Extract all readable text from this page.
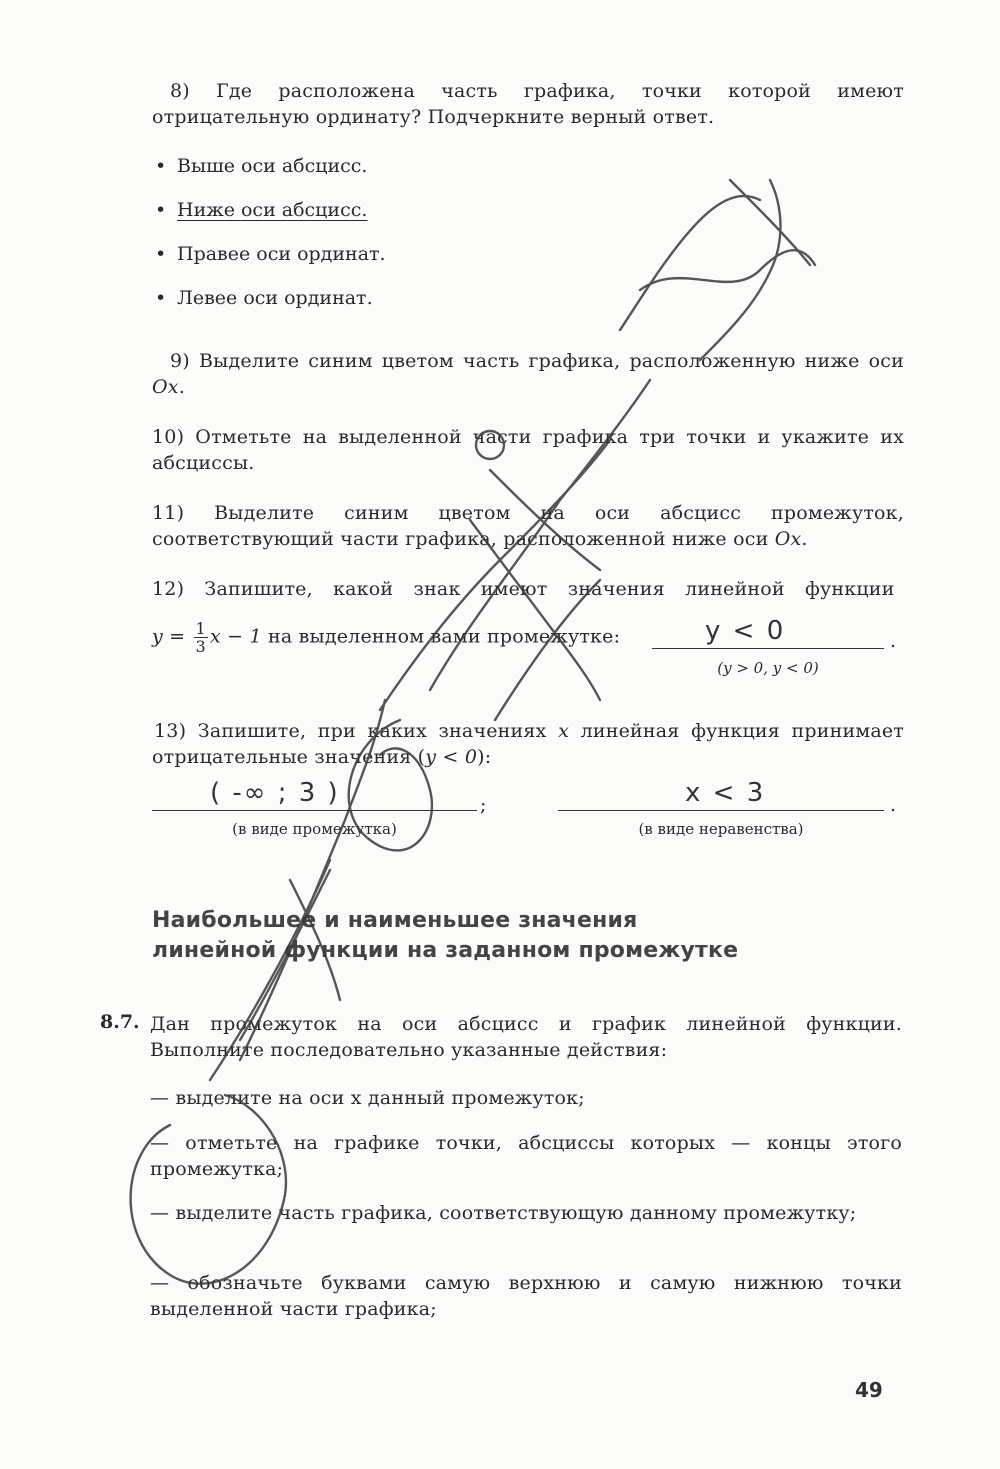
8) Где расположена часть графика, точки которой имеют отрицательную ординату? Подчеркните верный ответ.
• Выше оси абсцисс.
• Ниже оси абсцисс.
• Правее оси ординат.
• Левее оси ординат.
9) Выделите синим цветом часть графика, расположенную ниже оси Ox.
10) Отметьте на выделенной части графика три точки и укажите их абсциссы.
11) Выделите синим цветом на оси абсцисс промежуток, соответствующий части графика, расположенной ниже оси Ox.
12) Запишите, какой знак имеют значения линейной функции
$y = \frac{1}{3}$ x − 1 на выделенном вами промежутке:	y < 0	.
(y > 0, y < 0)
13) Запишите, при каких значениях x линейная функция принимает отрицательные значения (y < 0):
( -∞ ; 3 )	;
(в виде промежутка)
x < 3	.
(в виде неравенства)
Наибольшее и наименьшее значения
линейной функции на заданном промежутке
8.7. Дан промежуток на оси абсцисс и график линейной функции. Выполните последовательно указанные действия:
— выделите на оси x данный промежуток;
— отметьте на графике точки, абсциссы которых — концы этого промежутка;
— выделите часть графика, соответствующую данному промежутку;
— обозначьте буквами самую верхнюю и самую нижнюю точки выделенной части графика;
49
